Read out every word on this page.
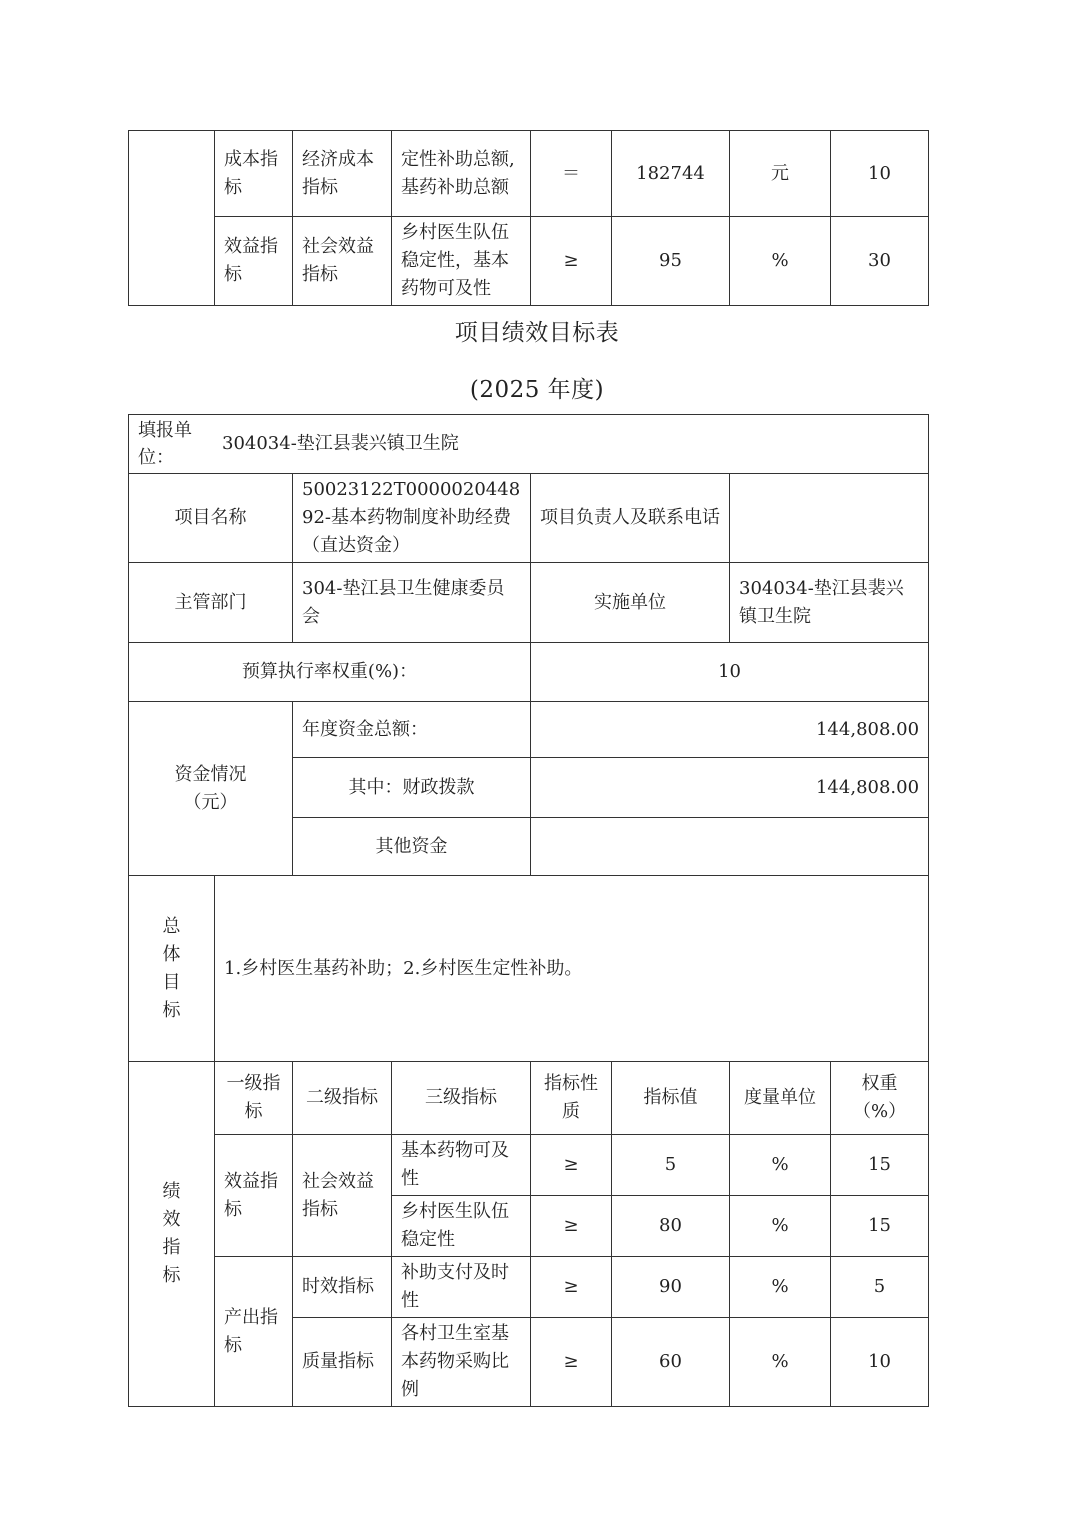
	成本指标	经济成本指标	定性补助总额,基药补助总额	＝	182744	元	10
	效益指标	社会效益指标	乡村医生队伍稳定性，基本药物可及性	≥	95	%	30
项目绩效目标表
(2025 年度)
填报单位：304034-垫江县裴兴镇卫生院							
项目名称		50023122T000002044892-基本药物制度补助经费（直达资金）		项目负责人及联系电话			
主管部门		304-垫江县卫生健康委员会		实施单位		304034-垫江县裴兴镇卫生院	
预算执行率权重(%)：				10			
资金情况（元）		年度资金总额：		144,808.00			
		其中：财政拨款		144,808.00			
		其他资金					
总体目标	1.乡村医生基药补助；2.乡村医生定性补助。						
绩效指标	一级指标	二级指标	三级指标	指标性质	指标值	度量单位	权重（%）
	效益指标	社会效益指标	基本药物可及性	≥	5	%	15
			乡村医生队伍稳定性	≥	80	%	15
	产出指标	时效指标	补助支付及时性	≥	90	%	5
		质量指标	各村卫生室基本药物采购比例	≥	60	%	10
